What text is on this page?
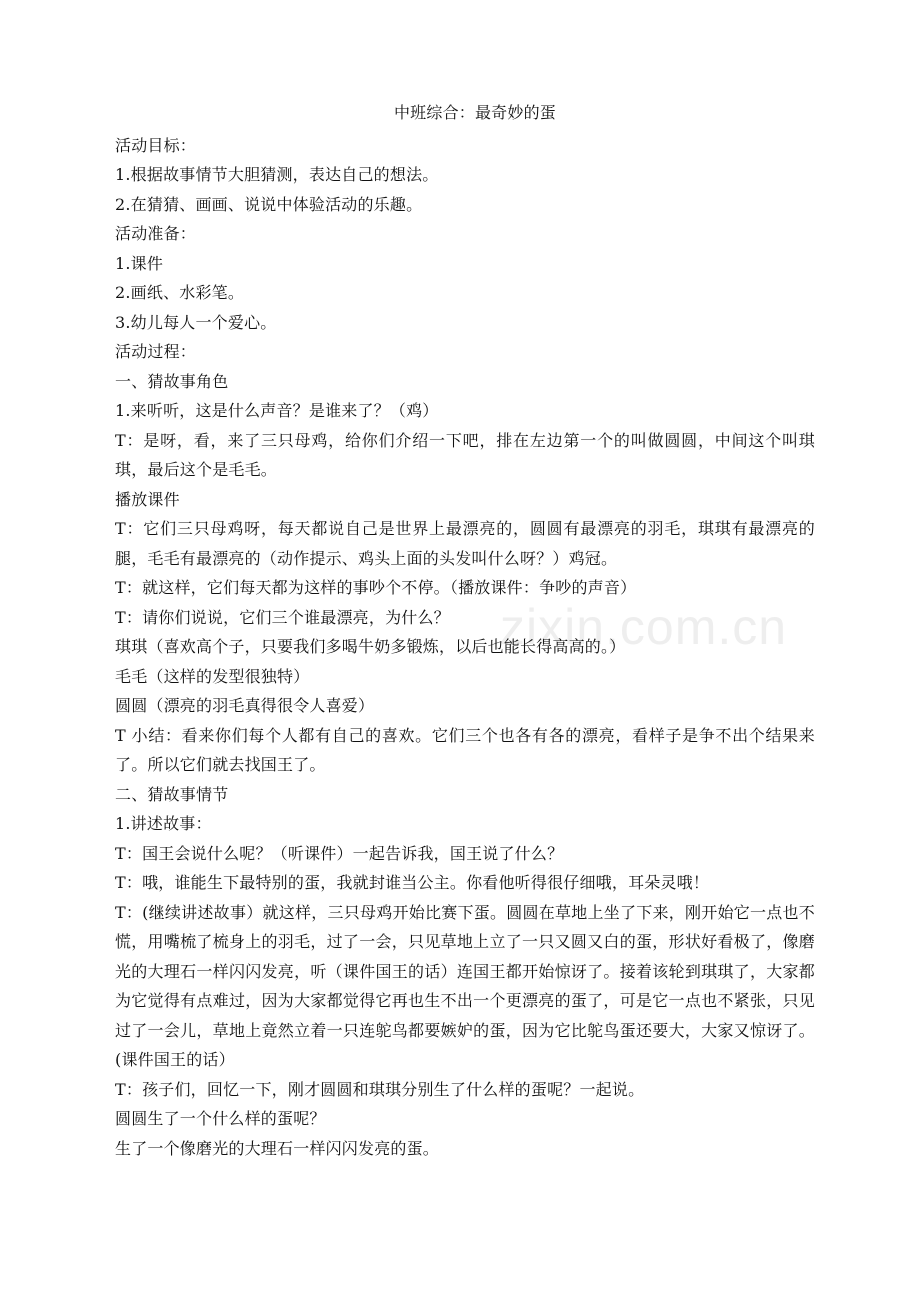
zixin.com.cn

中班综合：最奇妙的蛋

活动目标：

1.根据故事情节大胆猜测，表达自己的想法。

2.在猜猜、画画、说说中体验活动的乐趣。

活动准备：

1.课件

2.画纸、水彩笔。

3.幼儿每人一个爱心。

活动过程：

一、猜故事角色

1.来听听，这是什么声音？是谁来了？（鸡）

T：是呀，看，来了三只母鸡，给你们介绍一下吧，排在左边第一个的叫做圆圆，中间这个叫琪琪，最后这个是毛毛。

播放课件

T：它们三只母鸡呀，每天都说自己是世界上最漂亮的，圆圆有最漂亮的羽毛，琪琪有最漂亮的腿，毛毛有最漂亮的（动作提示、鸡头上面的头发叫什么呀？）鸡冠。

T：就这样，它们每天都为这样的事吵个不停。（播放课件：争吵的声音）

T：请你们说说，它们三个谁最漂亮，为什么？

琪琪（喜欢高个子，只要我们多喝牛奶多锻炼，以后也能长得高高的。）

毛毛（这样的发型很独特）

圆圆（漂亮的羽毛真得很令人喜爱）

T 小结：看来你们每个人都有自己的喜欢。它们三个也各有各的漂亮，看样子是争不出个结果来了。所以它们就去找国王了。

二、猜故事情节

1.讲述故事：

T：国王会说什么呢？（听课件）一起告诉我，国王说了什么？

T：哦，谁能生下最特别的蛋，我就封谁当公主。你看他听得很仔细哦，耳朵灵哦！

T：(继续讲述故事）就这样，三只母鸡开始比赛下蛋。圆圆在草地上坐了下来，刚开始它一点也不慌，用嘴梳了梳身上的羽毛，过了一会，只见草地上立了一只又圆又白的蛋，形状好看极了，像磨光的大理石一样闪闪发亮，听（课件国王的话）连国王都开始惊讶了。接着该轮到琪琪了，大家都为它觉得有点难过，因为大家都觉得它再也生不出一个更漂亮的蛋了，可是它一点也不紧张，只见过了一会儿，草地上竟然立着一只连鸵鸟都要嫉妒的蛋，因为它比鸵鸟蛋还要大，大家又惊讶了。(课件国王的话）

T：孩子们，回忆一下，刚才圆圆和琪琪分别生了什么样的蛋呢？一起说。

圆圆生了一个什么样的蛋呢？

生了一个像磨光的大理石一样闪闪发亮的蛋。
